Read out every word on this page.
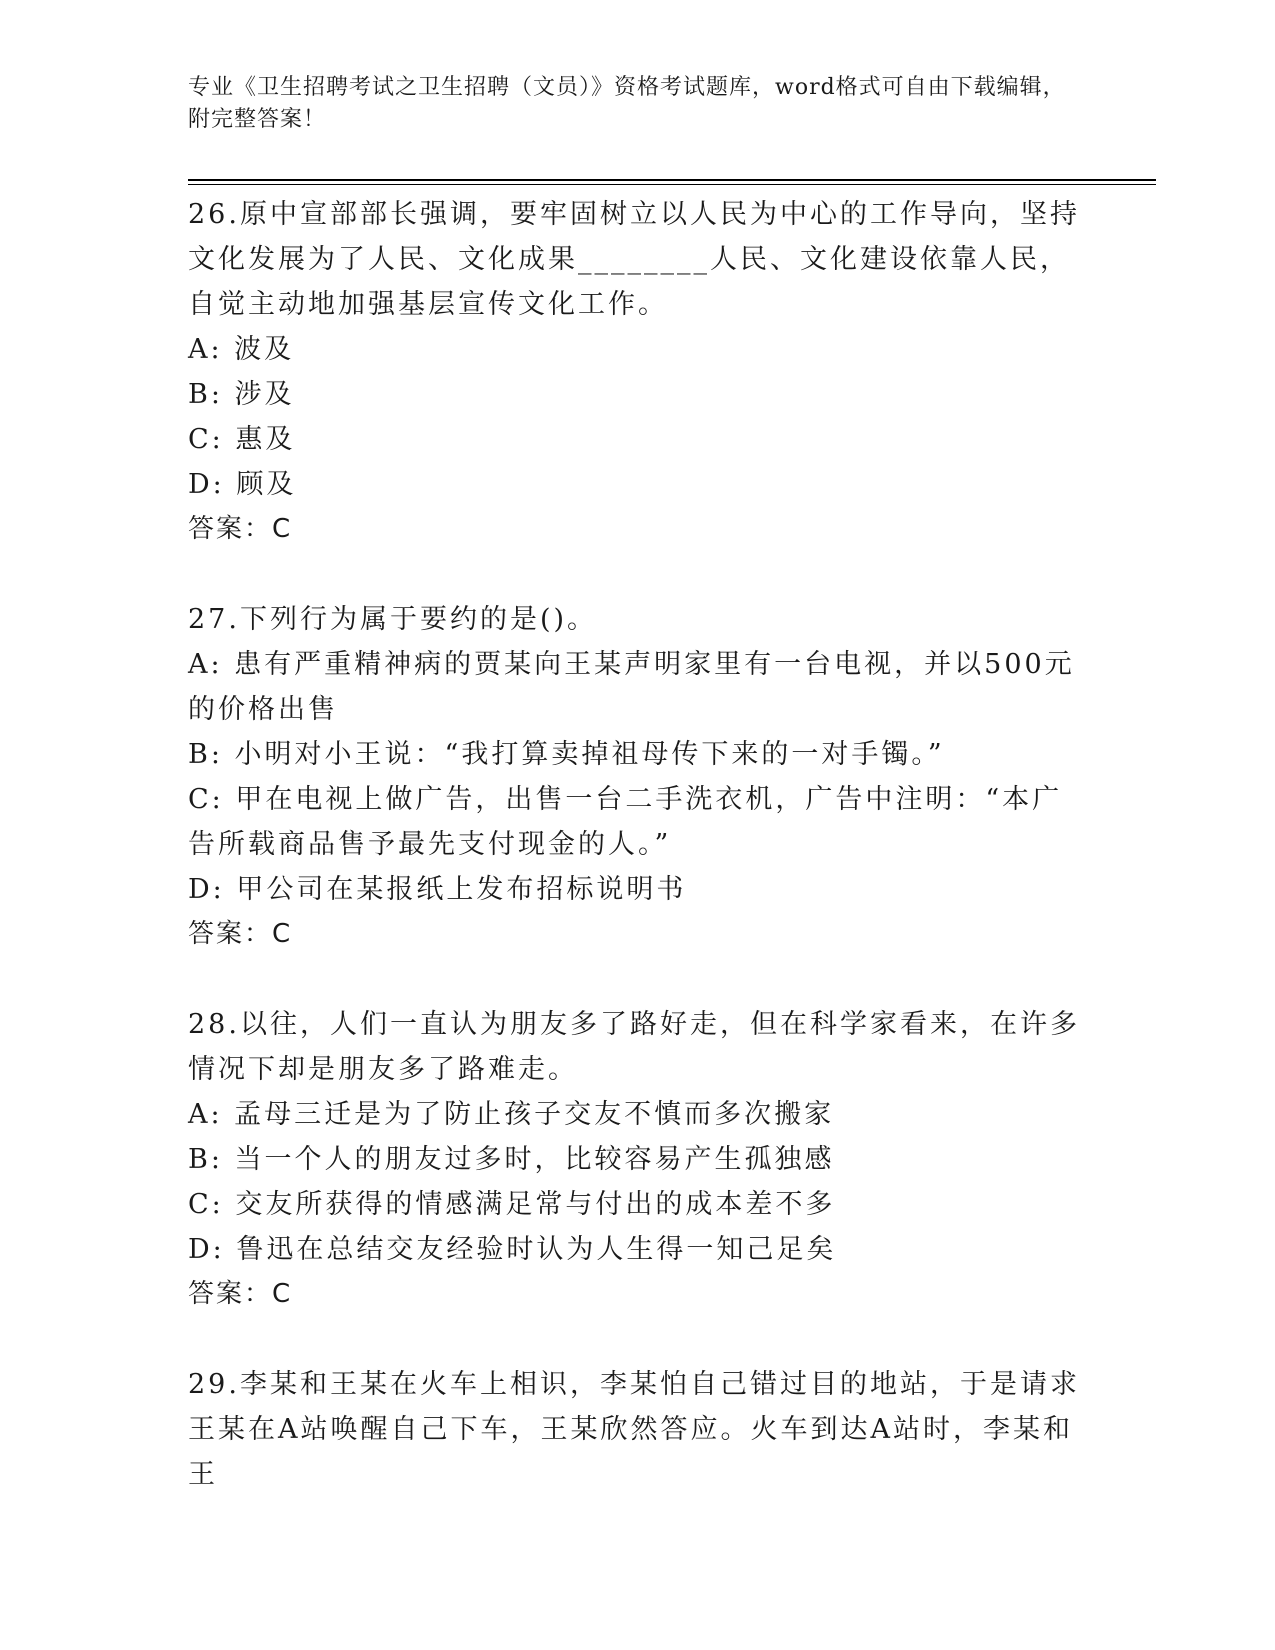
专业《卫生招聘考试之卫生招聘（文员）》资格考试题库，word格式可自由下载编辑，附完整答案！

26.原中宣部部长强调，要牢固树立以人民为中心的工作导向，坚持文化发展为了人民、文化成果________人民、文化建设依靠人民，自觉主动地加强基层宣传文化工作。

A: 波及

B: 涉及

C: 惠及

D: 顾及

答案：C

27.下列行为属于要约的是()。

A: 患有严重精神病的贾某向王某声明家里有一台电视，并以500元的价格出售

B: 小明对小王说：“我打算卖掉祖母传下来的一对手镯。”

C: 甲在电视上做广告，出售一台二手洗衣机，广告中注明：“本广告所载商品售予最先支付现金的人。”

D: 甲公司在某报纸上发布招标说明书

答案：C

28.以往，人们一直认为朋友多了路好走，但在科学家看来，在许多情况下却是朋友多了路难走。

A: 孟母三迁是为了防止孩子交友不慎而多次搬家

B: 当一个人的朋友过多时，比较容易产生孤独感

C: 交友所获得的情感满足常与付出的成本差不多

D: 鲁迅在总结交友经验时认为人生得一知己足矣

答案：C

29.李某和王某在火车上相识，李某怕自己错过目的地站，于是请求王某在A站唤醒自己下车，王某欣然答应。火车到达A站时，李某和王
